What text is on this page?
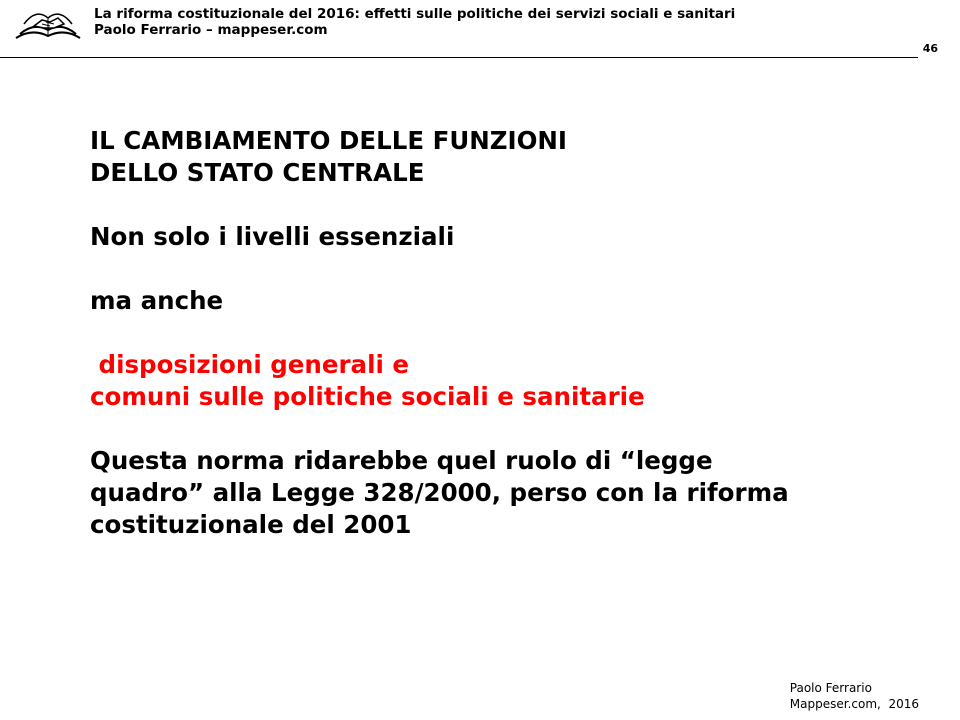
La riforma costituzionale del 2016: effetti sulle politiche dei servizi sociali e sanitari
Paolo Ferrario – mappeser.com
46

IL CAMBIAMENTO DELLE FUNZIONI

DELLO STATO CENTRALE

Non solo i livelli essenziali

ma anche

disposizioni generali e

comuni sulle politiche sociali e sanitarie

Questa norma ridarebbe quel ruolo di “legge

quadro” alla Legge 328/2000, perso con la riforma

costituzionale del 2001

Paolo Ferrario
Mappeser.com,  2016
